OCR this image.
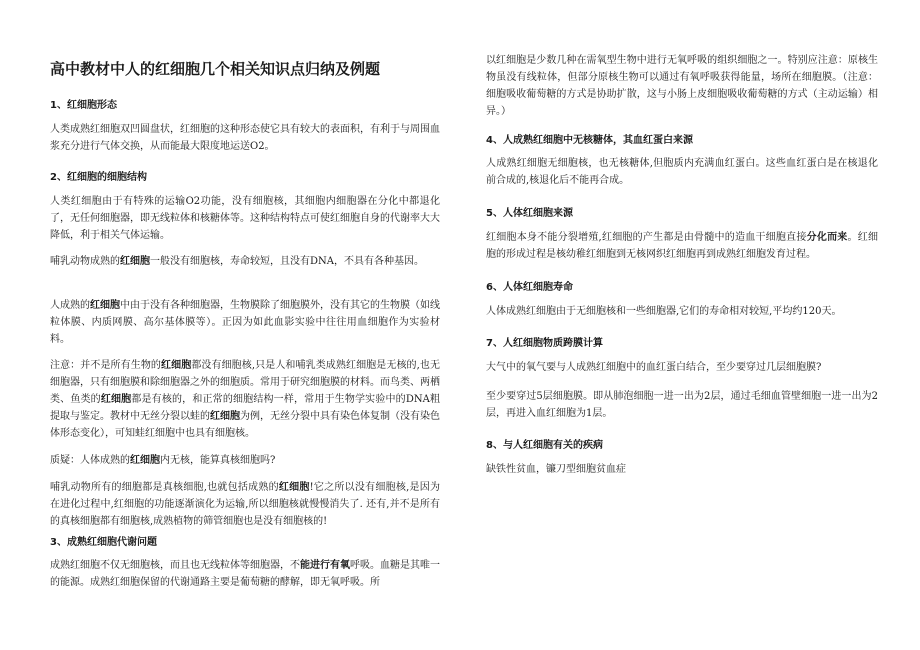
高中教材中人的红细胞几个相关知识点归纳及例题
1、红细胞形态

人类成熟红细胞双凹圆盘状，红细胞的这种形态使它具有较大的表面积，有利于与周围血浆充分进行气体交换，从而能最大限度地运送O2。

2、红细胞的细胞结构

人类红细胞由于有特殊的运输O2功能，没有细胞核，其细胞内细胞器在分化中都退化了，无任何细胞器，即无线粒体和核糖体等。这种结构特点可使红细胞自身的代谢率大大降低，利于相关气体运输。

哺乳动物成熟的红细胞一般没有细胞核，寿命较短，且没有DNA，不具有各种基因。

人成熟的红细胞中由于没有各种细胞器，生物膜除了细胞膜外，没有其它的生物膜（如线粒体膜、内质网膜、高尔基体膜等）。正因为如此血影实验中往往用血细胞作为实验材料。

注意：并不是所有生物的红细胞都没有细胞核,只是人和哺乳类成熟红细胞是无核的,也无细胞器，只有细胞膜和除细胞器之外的细胞质。常用于研究细胞膜的材料。而鸟类、两栖类、鱼类的红细胞都是有核的，和正常的细胞结构一样，常用于生物学实验中的DNA粗提取与鉴定。教材中无丝分裂以蛙的红细胞为例，无丝分裂中具有染色体复制（没有染色体形态变化），可知蛙红细胞中也具有细胞核。

质疑：人体成熟的红细胞内无核，能算真核细胞吗?

哺乳动物所有的细胞都是真核细胞,也就包括成熟的红细胞!它之所以没有细胞核,是因为在进化过程中,红细胞的功能逐渐演化为运输,所以细胞核就慢慢消失了. 还有,并不是所有的真核细胞都有细胞核,成熟植物的筛管细胞也是没有细胞核的!

3、成熟红细胞代谢问题

成熟红细胞不仅无细胞核，而且也无线粒体等细胞器，不能进行有氧呼吸。血糖是其唯一的能源。成熟红细胞保留的代谢通路主要是葡萄糖的酵解，即无氧呼吸。所

以红细胞是少数几种在需氧型生物中进行无氧呼吸的组织细胞之一。特别应注意：原核生物虽没有线粒体，但部分原核生物可以通过有氧呼吸获得能量，场所在细胞膜。（注意：细胞吸收葡萄糖的方式是协助扩散，这与小肠上皮细胞吸收葡萄糖的方式（主动运输）相异。）

4、人成熟红细胞中无核糖体，其血红蛋白来源

人成熟红细胞无细胞核，也无核糖体,但胞质内充满血红蛋白。这些血红蛋白是在核退化前合成的,核退化后不能再合成。

5、人体红细胞来源

红细胞本身不能分裂增殖,红细胞的产生都是由骨髓中的造血干细胞直接分化而来。红细胞的形成过程是核幼稚红细胞到无核网织红细胞再到成熟红细胞发育过程。

6、人体红细胞寿命

人体成熟红细胞由于无细胞核和一些细胞器,它们的寿命相对较短,平均约120天。

7、人红细胞物质跨膜计算

大气中的氧气要与人成熟红细胞中的血红蛋白结合，至少要穿过几层细胞膜?

至少要穿过5层细胞膜。即从肺泡细胞一进一出为2层，通过毛细血管壁细胞一进一出为2层，再进入血红细胞为1层。

8、与人红细胞有关的疾病

缺铁性贫血，镰刀型细胞贫血症
